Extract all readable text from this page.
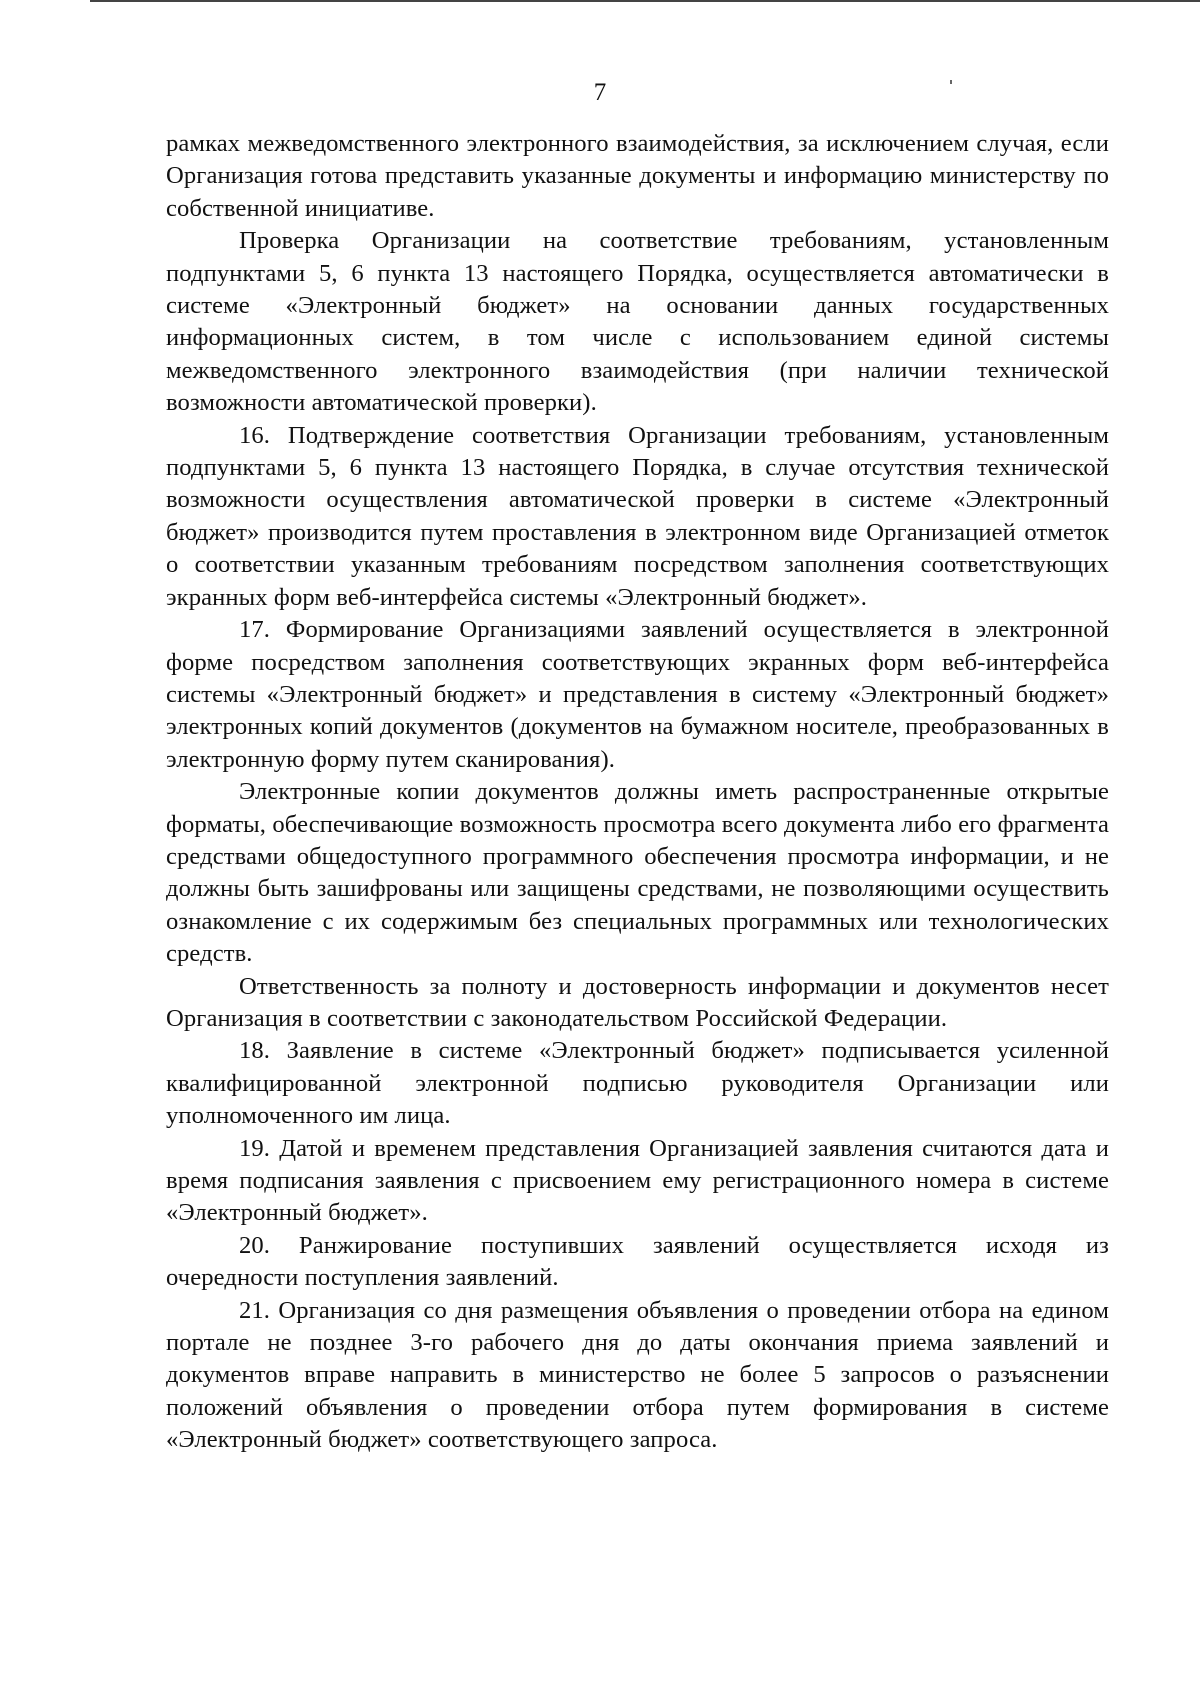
7

рамках межведомственного электронного взаимодействия, за исключением случая, если Организация готова представить указанные документы и информацию министерству по собственной инициативе.

Проверка Организации на соответствие требованиям, установленным подпунктами 5, 6 пункта 13 настоящего Порядка, осуществляется автоматически в системе «Электронный бюджет» на основании данных государственных информационных систем, в том числе с использованием единой системы межведомственного электронного взаимодействия (при наличии технической возможности автоматической проверки).

16. Подтверждение соответствия Организации требованиям, установленным подпунктами 5, 6 пункта 13 настоящего Порядка, в случае отсутствия технической возможности осуществления автоматической проверки в системе «Электронный бюджет» производится путем проставления в электронном виде Организацией отметок о соответствии указанным требованиям посредством заполнения соответствующих экранных форм веб-интерфейса системы «Электронный бюджет».

17. Формирование Организациями заявлений осуществляется в электронной форме посредством заполнения соответствующих экранных форм веб-интерфейса системы «Электронный бюджет» и представления в систему «Электронный бюджет» электронных копий документов (документов на бумажном носителе, преобразованных в электронную форму путем сканирования).

Электронные копии документов должны иметь распространенные открытые форматы, обеспечивающие возможность просмотра всего документа либо его фрагмента средствами общедоступного программного обеспечения просмотра информации, и не должны быть зашифрованы или защищены средствами, не позволяющими осуществить ознакомление с их содержимым без специальных программных или технологических средств.

Ответственность за полноту и достоверность информации и документов несет Организация в соответствии с законодательством Российской Федерации.

18. Заявление в системе «Электронный бюджет» подписывается усиленной квалифицированной электронной подписью руководителя Организации или уполномоченного им лица.

19. Датой и временем представления Организацией заявления считаются дата и время подписания заявления с присвоением ему регистрационного номера в системе «Электронный бюджет».

20. Ранжирование поступивших заявлений осуществляется исходя из очередности поступления заявлений.

21. Организация со дня размещения объявления о проведении отбора на едином портале не позднее 3-го рабочего дня до даты окончания приема заявлений и документов вправе направить в министерство не более 5 запросов о разъяснении положений объявления о проведении отбора путем формирования в системе «Электронный бюджет» соответствующего запроса.
